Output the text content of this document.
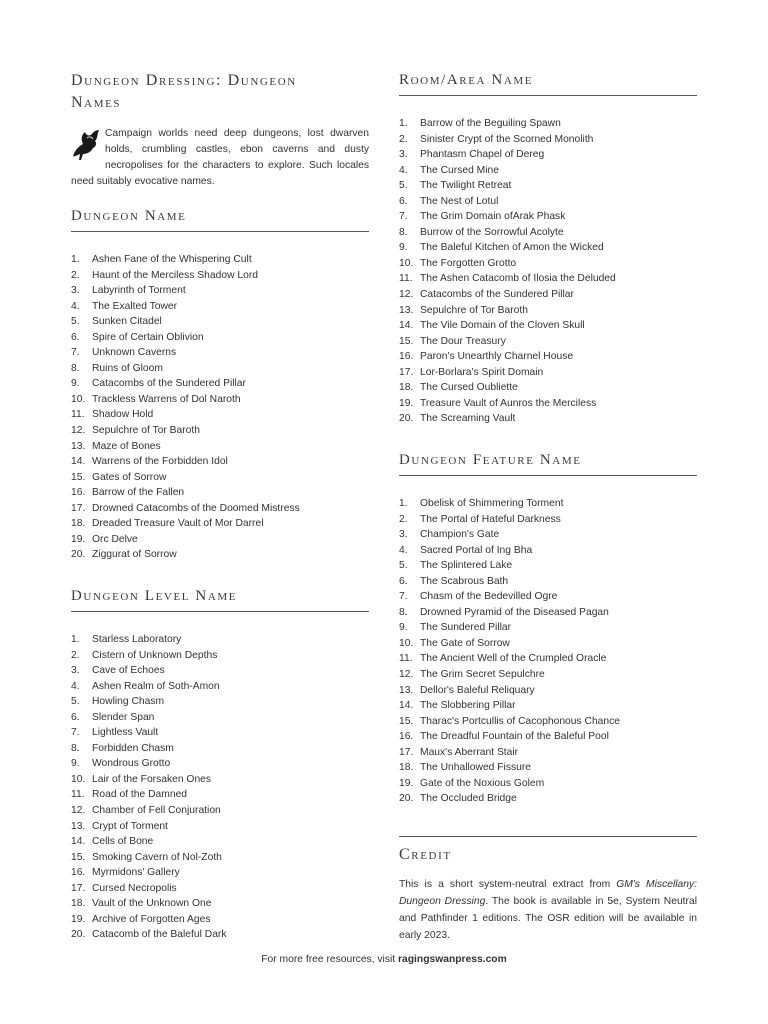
Dungeon Dressing: Dungeon
Names

Campaign worlds need deep dungeons, lost dwarven holds, crumbling castles, ebon caverns and dusty necropolises for the characters to explore. Such locales need suitably evocative names.

Dungeon Name
1.	Ashen Fane of the Whispering Cult
2.	Haunt of the Merciless Shadow Lord
3.	Labyrinth of Torment
4.	The Exalted Tower
5.	Sunken Citadel
6.	Spire of Certain Oblivion
7.	Unknown Caverns
8.	Ruins of Gloom
9.	Catacombs of the Sundered Pillar
10. Trackless Warrens of Dol Naroth
11. Shadow Hold
12. Sepulchre of Tor Baroth
13. Maze of Bones
14. Warrens of the Forbidden Idol
15. Gates of Sorrow
16. Barrow of the Fallen
17. Drowned Catacombs of the Doomed Mistress
18. Dreaded Treasure Vault of Mor Darrel
19. Orc Delve
20. Ziggurat of Sorrow
Dungeon Level Name
1.	Starless Laboratory
2.	Cistern of Unknown Depths
3.	Cave of Echoes
4.	Ashen Realm of Soth-Amon
5.	Howling Chasm
6.	Slender Span
7.	Lightless Vault
8.	Forbidden Chasm
9.	Wondrous Grotto
10. Lair of the Forsaken Ones
11. Road of the Damned
12. Chamber of Fell Conjuration
13. Crypt of Torment
14. Cells of Bone
15. Smoking Cavern of Nol-Zoth
16. Myrmidons' Gallery
17. Cursed Necropolis
18. Vault of the Unknown One
19. Archive of Forgotten Ages
20. Catacomb of the Baleful Dark
Room/Area Name
1.	Barrow of the Beguiling Spawn
2.	Sinister Crypt of the Scorned Monolith
3.	Phantasm Chapel of Dereg
4.	The Cursed Mine
5.	The Twilight Retreat
6.	The Nest of Lotul
7.	The Grim Domain ofArak Phask
8.	Burrow of the Sorrowful Acolyte
9.	The Baleful Kitchen of Amon the Wicked
10. The Forgotten Grotto
11. The Ashen Catacomb of Ilosia the Deluded
12. Catacombs of the Sundered Pillar
13. Sepulchre of Tor Baroth
14. The Vile Domain of the Cloven Skull
15. The Dour Treasury
16. Paron's Unearthly Charnel House
17. Lor-Borlara's Spirit Domain
18. The Cursed Oubliette
19. Treasure Vault of Aunros the Merciless
20. The Screaming Vault
Dungeon Feature Name
1.	Obelisk of Shimmering Torment
2.	The Portal of Hateful Darkness
3.	Champion's Gate
4.	Sacred Portal of Ing Bha
5.	The Splintered Lake
6.	The Scabrous Bath
7.	Chasm of the Bedevilled Ogre
8.	Drowned Pyramid of the Diseased Pagan
9.	The Sundered Pillar
10. The Gate of Sorrow
11. The Ancient Well of the Crumpled Oracle
12. The Grim Secret Sepulchre
13. Dellor's Baleful Reliquary
14. The Slobbering Pillar
15. Tharac's Portcullis of Cacophonous Chance
16. The Dreadful Fountain of the Baleful Pool
17. Maux's Aberrant Stair
18. The Unhallowed Fissure
19. Gate of the Noxious Golem
20. The Occluded Bridge
Credit

This is a short system-neutral extract from GM's Miscellany: Dungeon Dressing. The book is available in 5e, System Neutral and Pathfinder 1 editions. The OSR edition will be available in early 2023.

For more free resources, visit ragingswanpress.com
